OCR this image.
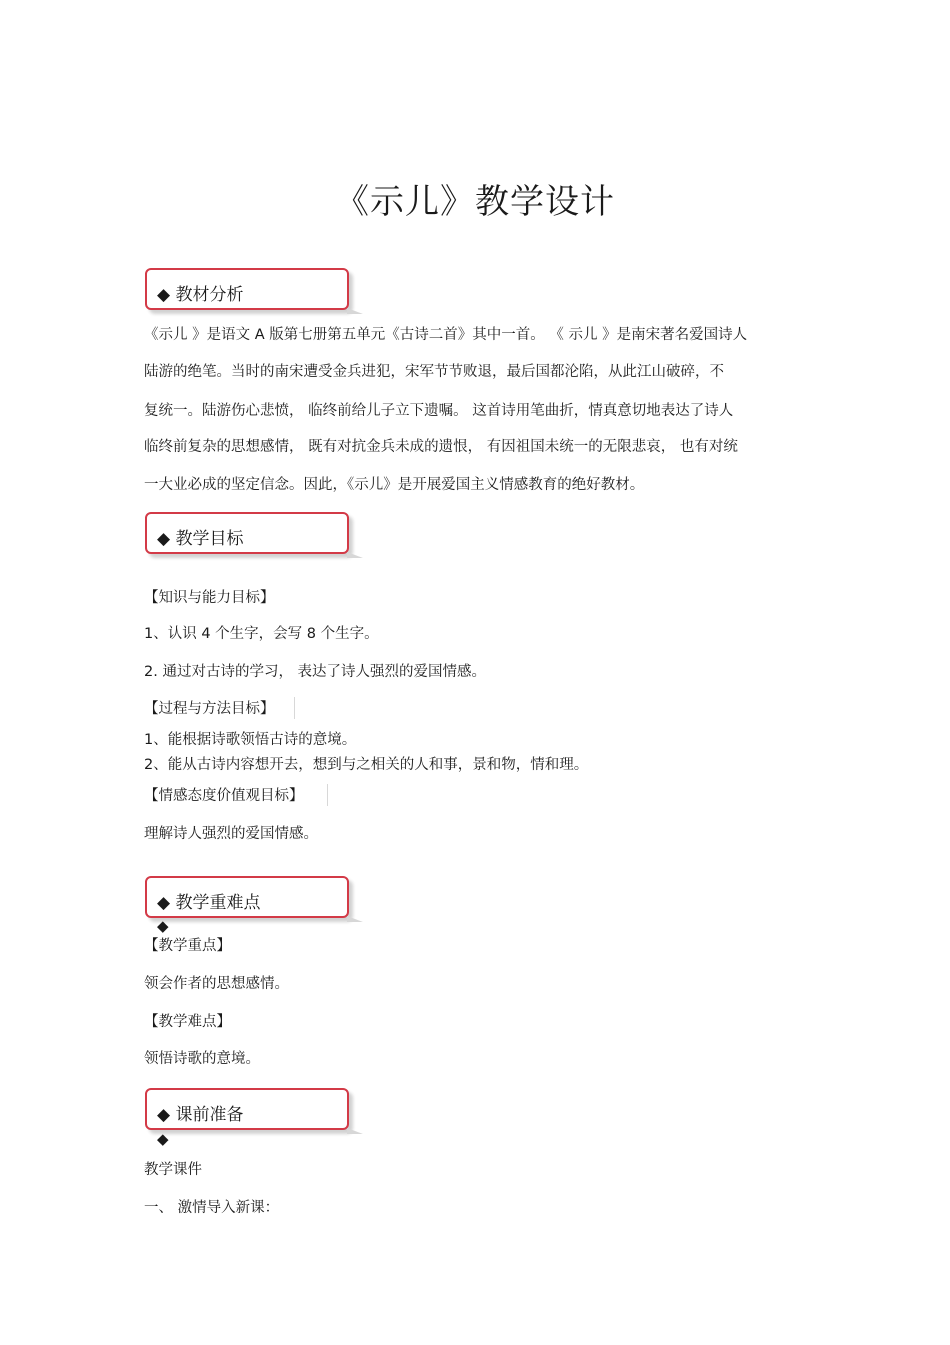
《示儿》教学设计
◆ 教材分析
《示儿 》是语文 A 版第七册第五单元《古诗二首》其中一首。 《 示儿 》是南宋著名爱国诗人
陆游的绝笔。当时的南宋遭受金兵进犯，宋军节节败退，最后国都沦陷，从此江山破碎，不
复统一。陆游伤心悲愤， 临终前给儿子立下遗嘱。 这首诗用笔曲折，情真意切地表达了诗人
临终前复杂的思想感情， 既有对抗金兵未成的遗恨， 有因祖国未统一的无限悲哀， 也有对统
一大业必成的坚定信念。因此，《示儿》是开展爱国主义情感教育的绝好教材。
◆ 教学目标
【知识与能力目标】
1、认识 4 个生字，会写 8 个生字。
2. 通过对古诗的学习， 表达了诗人强烈的爱国情感。
【过程与方法目标】
1、能根据诗歌领悟古诗的意境。
2、能从古诗内容想开去，想到与之相关的人和事，景和物，情和理。
【情感态度价值观目标】
理解诗人强烈的爱国情感。
◆ 教学重难点
◆
【教学重点】
领会作者的思想感情。
【教学难点】
领悟诗歌的意境。
◆ 课前准备
◆
教学课件
一、 激情导入新课：
